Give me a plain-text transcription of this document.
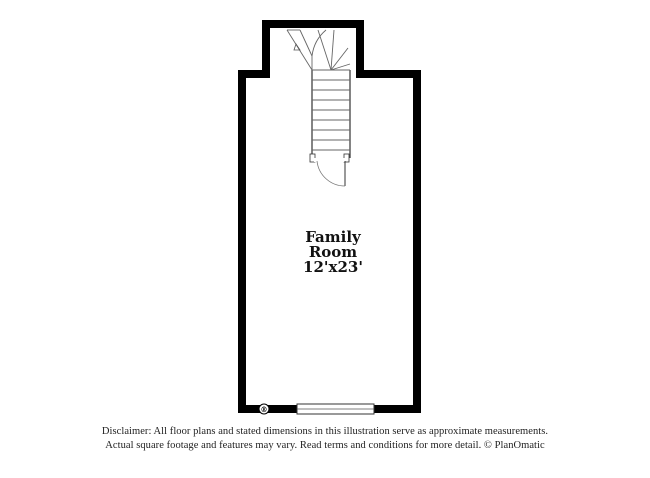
Family
Room
12'x23'
®
Disclaimer: All floor plans and stated dimensions in this illustration serve as approximate measurements.
Actual square footage and features may vary. Read terms and conditions for more detail. © PlanOmatic
